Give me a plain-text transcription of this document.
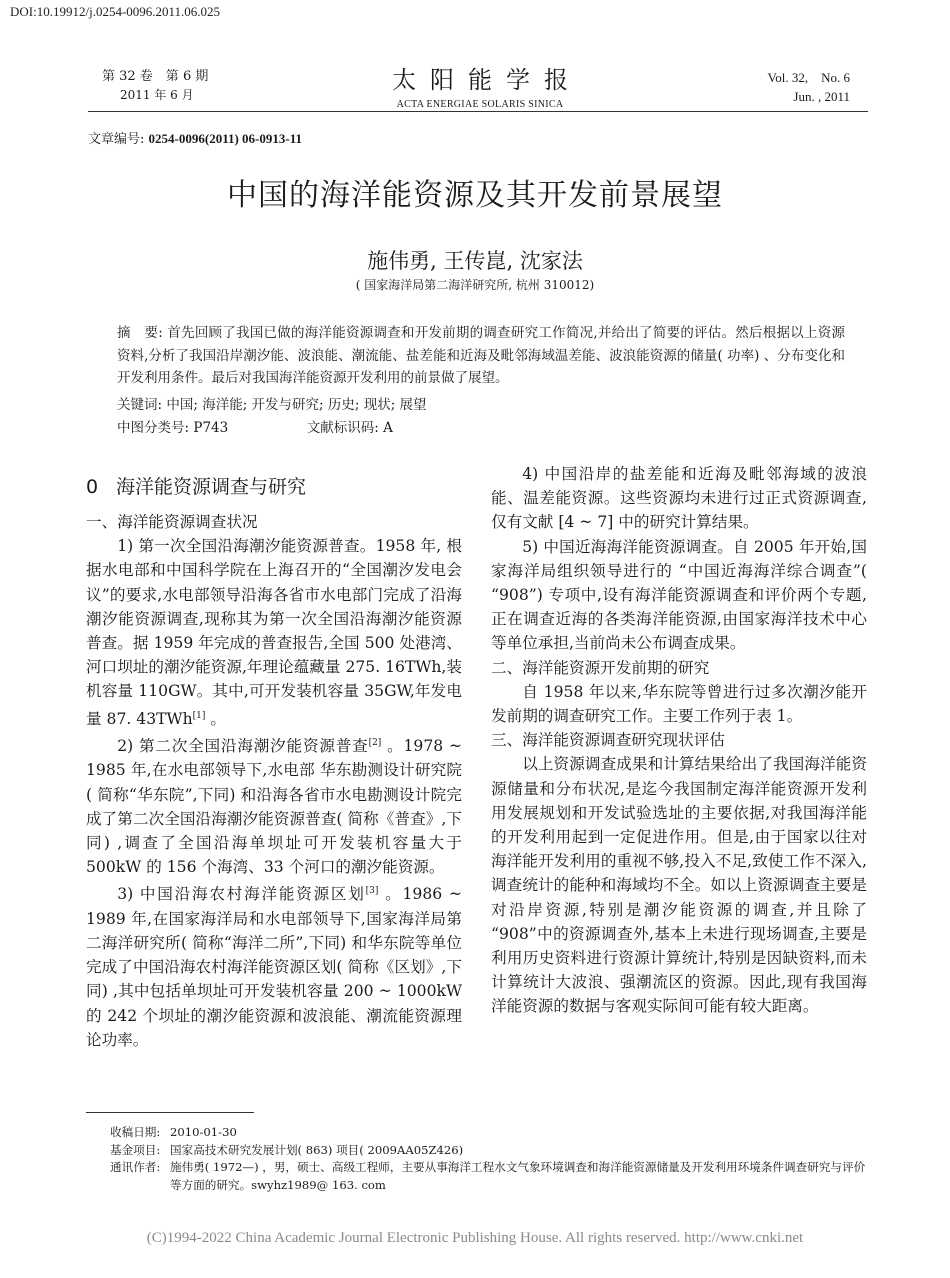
DOI:10.19912/j.0254-0096.2011.06.025
第 32 卷　第 6 期
2011 年 6 月
太阳能学报
ACTA ENERGIAE SOLARIS SINICA
Vol. 32,　No. 6
Jun. , 2011
文章编号: 0254-0096(2011) 06-0913-11
中国的海洋能资源及其开发前景展望
施伟勇, 王传崑, 沈家法
( 国家海洋局第二海洋研究所, 杭州 310012)
摘　要: 首先回顾了我国已做的海洋能资源调查和开发前期的调查研究工作简况,并给出了简要的评估。然后根据以上资源资料,分析了我国沿岸潮汐能、波浪能、潮流能、盐差能和近海及毗邻海域温差能、波浪能资源的储量( 功率) 、分布变化和开发利用条件。最后对我国海洋能资源开发利用的前景做了展望。
关键词: 中国; 海洋能; 开发与研究; 历史; 现状; 展望
中图分类号: P743	文献标识码: A
0 海洋能资源调查与研究

一、海洋能资源调查状况

1) 第一次全国沿海潮汐能资源普查。1958 年, 根据水电部和中国科学院在上海召开的“全国潮汐发电会议”的要求,水电部领导沿海各省市水电部门完成了沿海潮汐能资源调查,现称其为第一次全国沿海潮汐能资源普查。据 1959 年完成的普查报告,全国 500 处港湾、河口坝址的潮汐能资源,年理论蕴藏量 275. 16TWh,装机容量 110GW。其中,可开发装机容量 35GW,年发电量 87. 43TWh[1] 。

2) 第二次全国沿海潮汐能资源普查[2] 。1978 ~ 1985 年,在水电部领导下,水电部 华东勘测设计研究院( 简称“华东院”,下同) 和沿海各省市水电勘测设计院完成了第二次全国沿海潮汐能资源普查( 简称《普查》,下同) ,调查了全国沿海单坝址可开发装机容量大于 500kW 的 156 个海湾、33 个河口的潮汐能资源。

3) 中国沿海农村海洋能资源区划[3] 。1986 ~ 1989 年,在国家海洋局和水电部领导下,国家海洋局第二海洋研究所( 简称“海洋二所”,下同) 和华东院等单位完成了中国沿海农村海洋能资源区划( 简称《区划》,下同) ,其中包括单坝址可开发装机容量 200 ~ 1000kW 的 242 个坝址的潮汐能资源和波浪能、潮流能资源理论功率。

4) 中国沿岸的盐差能和近海及毗邻海域的波浪能、温差能资源。这些资源均未进行过正式资源调查,仅有文献 [4 ~ 7] 中的研究计算结果。

5) 中国近海海洋能资源调查。自 2005 年开始,国家海洋局组织领导进行的 “中国近海海洋综合调查”( “908”) 专项中,设有海洋能资源调查和评价两个专题,正在调查近海的各类海洋能资源,由国家海洋技术中心等单位承担,当前尚未公布调查成果。

二、海洋能资源开发前期的研究

自 1958 年以来,华东院等曾进行过多次潮汐能开发前期的调查研究工作。主要工作列于表 1。

三、海洋能资源调查研究现状评估

以上资源调查成果和计算结果给出了我国海洋能资源储量和分布状况,是迄今我国制定海洋能资源开发利用发展规划和开发试验选址的主要依据,对我国海洋能的开发利用起到一定促进作用。但是,由于国家以往对海洋能开发利用的重视不够,投入不足,致使工作不深入,调查统计的能种和海域均不全。如以上资源调查主要是对沿岸资源,特别是潮汐能资源的调查,并且除了 “908”中的资源调查外,基本上未进行现场调查,主要是利用历史资料进行资源计算统计,特别是因缺资料,而未计算统计大波浪、强潮流区的资源。因此,现有我国海洋能资源的数据与客观实际间可能有较大距离。

收稿日期: 2010-01-30
基金项目: 国家高技术研究发展计划( 863) 项目( 2009AA05Z426)
通讯作者: 施伟勇( 1972—) ，男，硕士、高级工程师，主要从事海洋工程水文气象环境调查和海洋能资源储量及开发利用环境条件调查研究与评价等方面的研究。swyhz1989@ 163. com
(C)1994-2022 China Academic Journal Electronic Publishing House. All rights reserved. http://www.cnki.net
